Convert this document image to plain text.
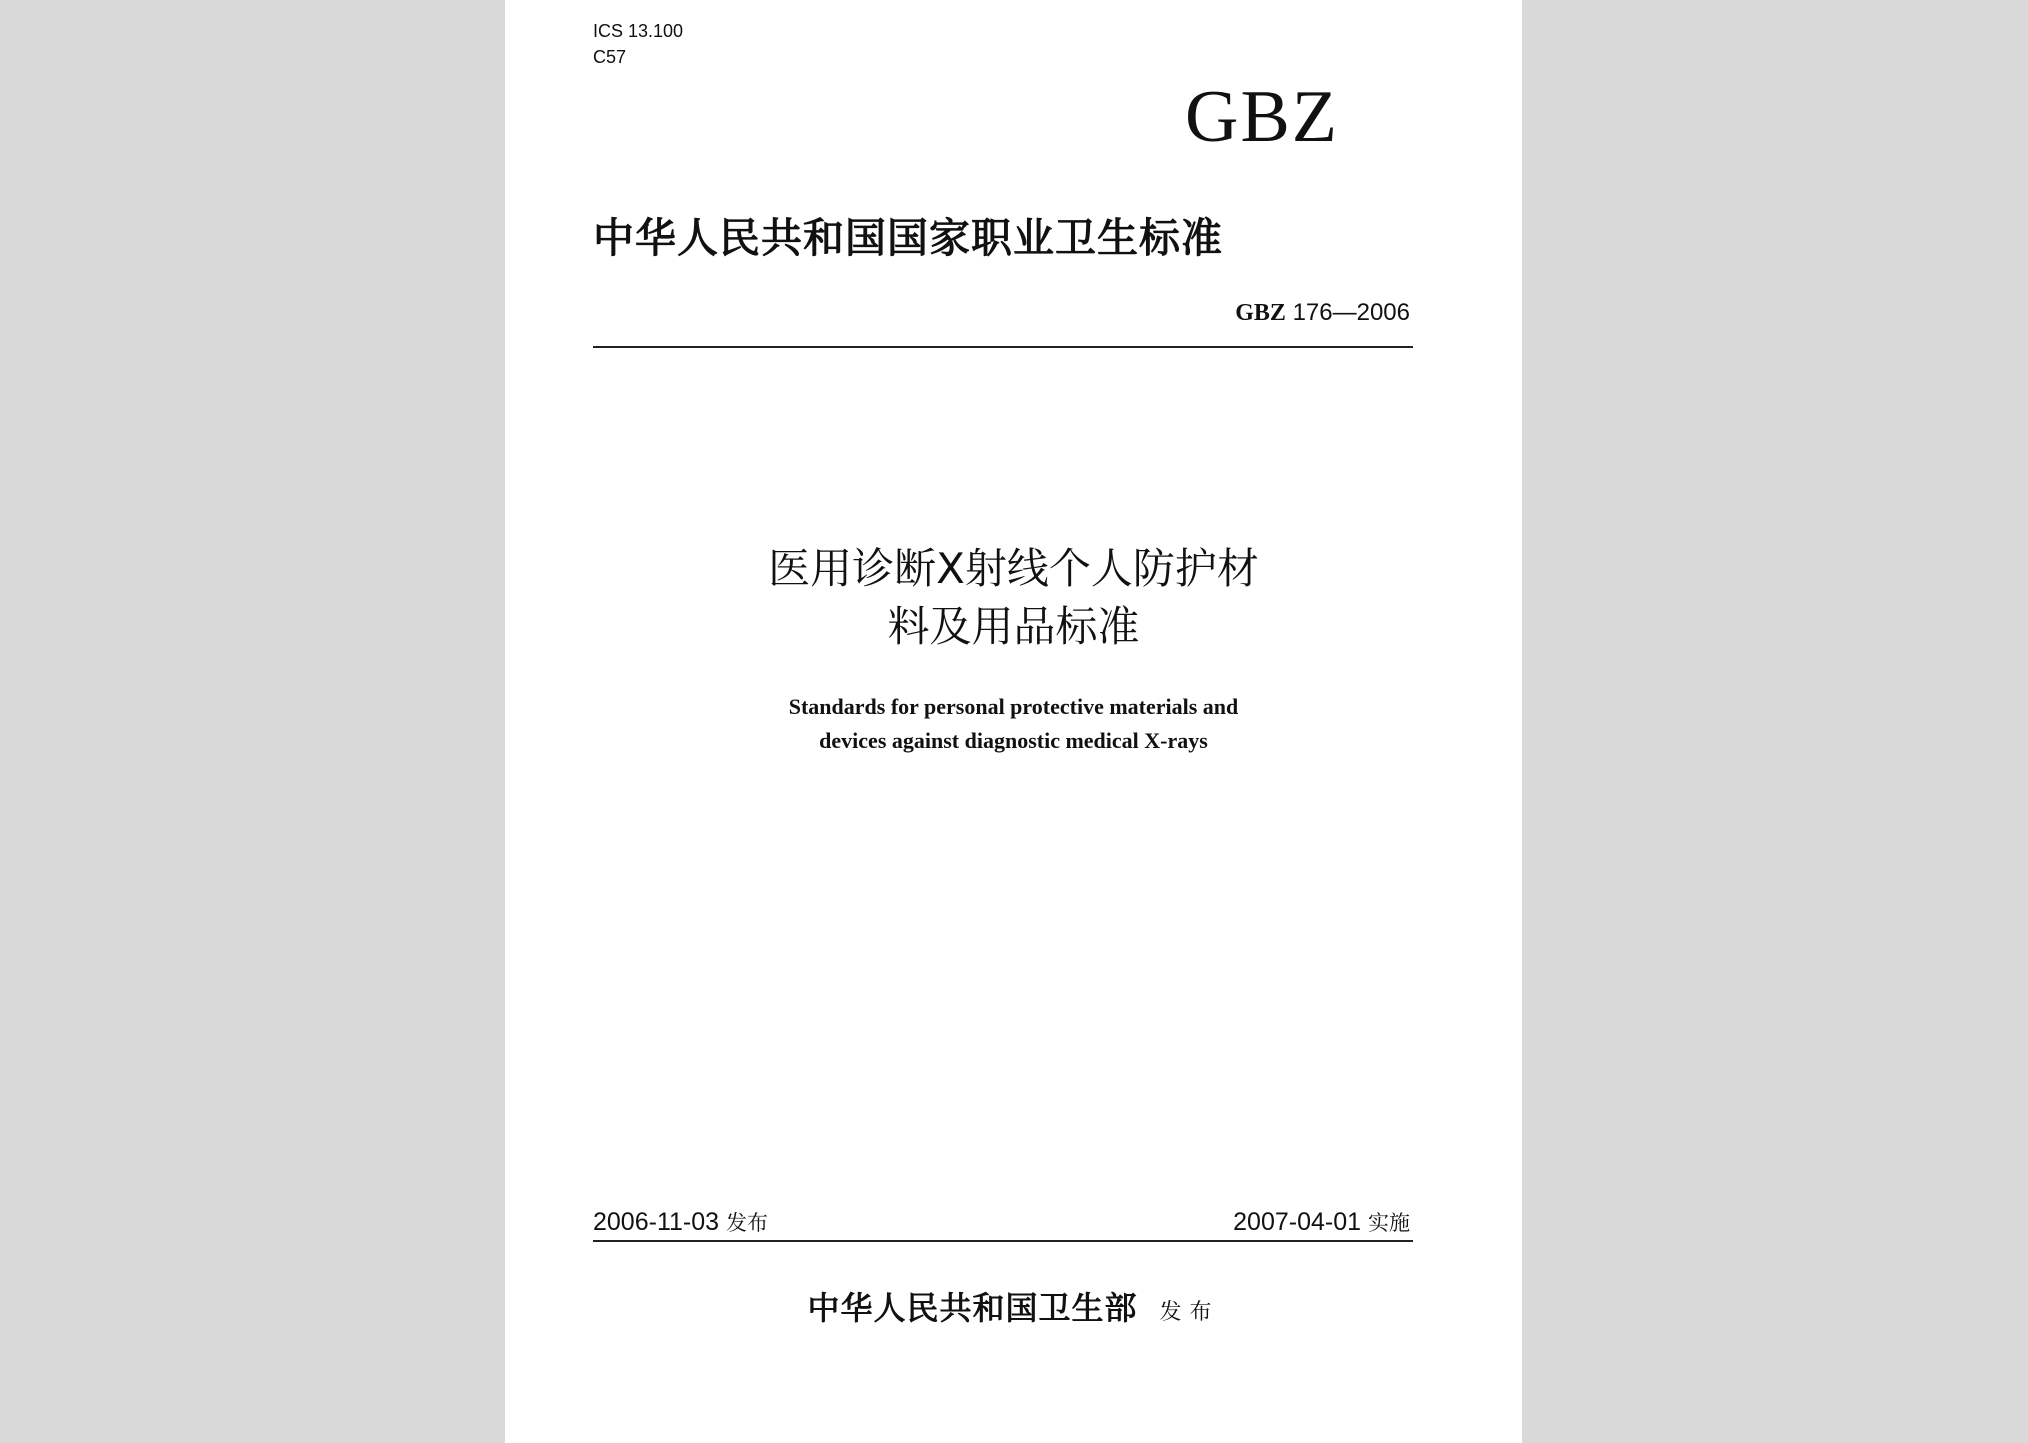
ICS 13.100
C57
GBZ
中华人民共和国国家职业卫生标准
GBZ 176—2006
医用诊断X射线个人防护材
料及用品标准
Standards for personal protective materials and
devices against diagnostic medical X-rays
2006-11-03 发布	2007-04-01 实施
中华人民共和国卫生部 发布
